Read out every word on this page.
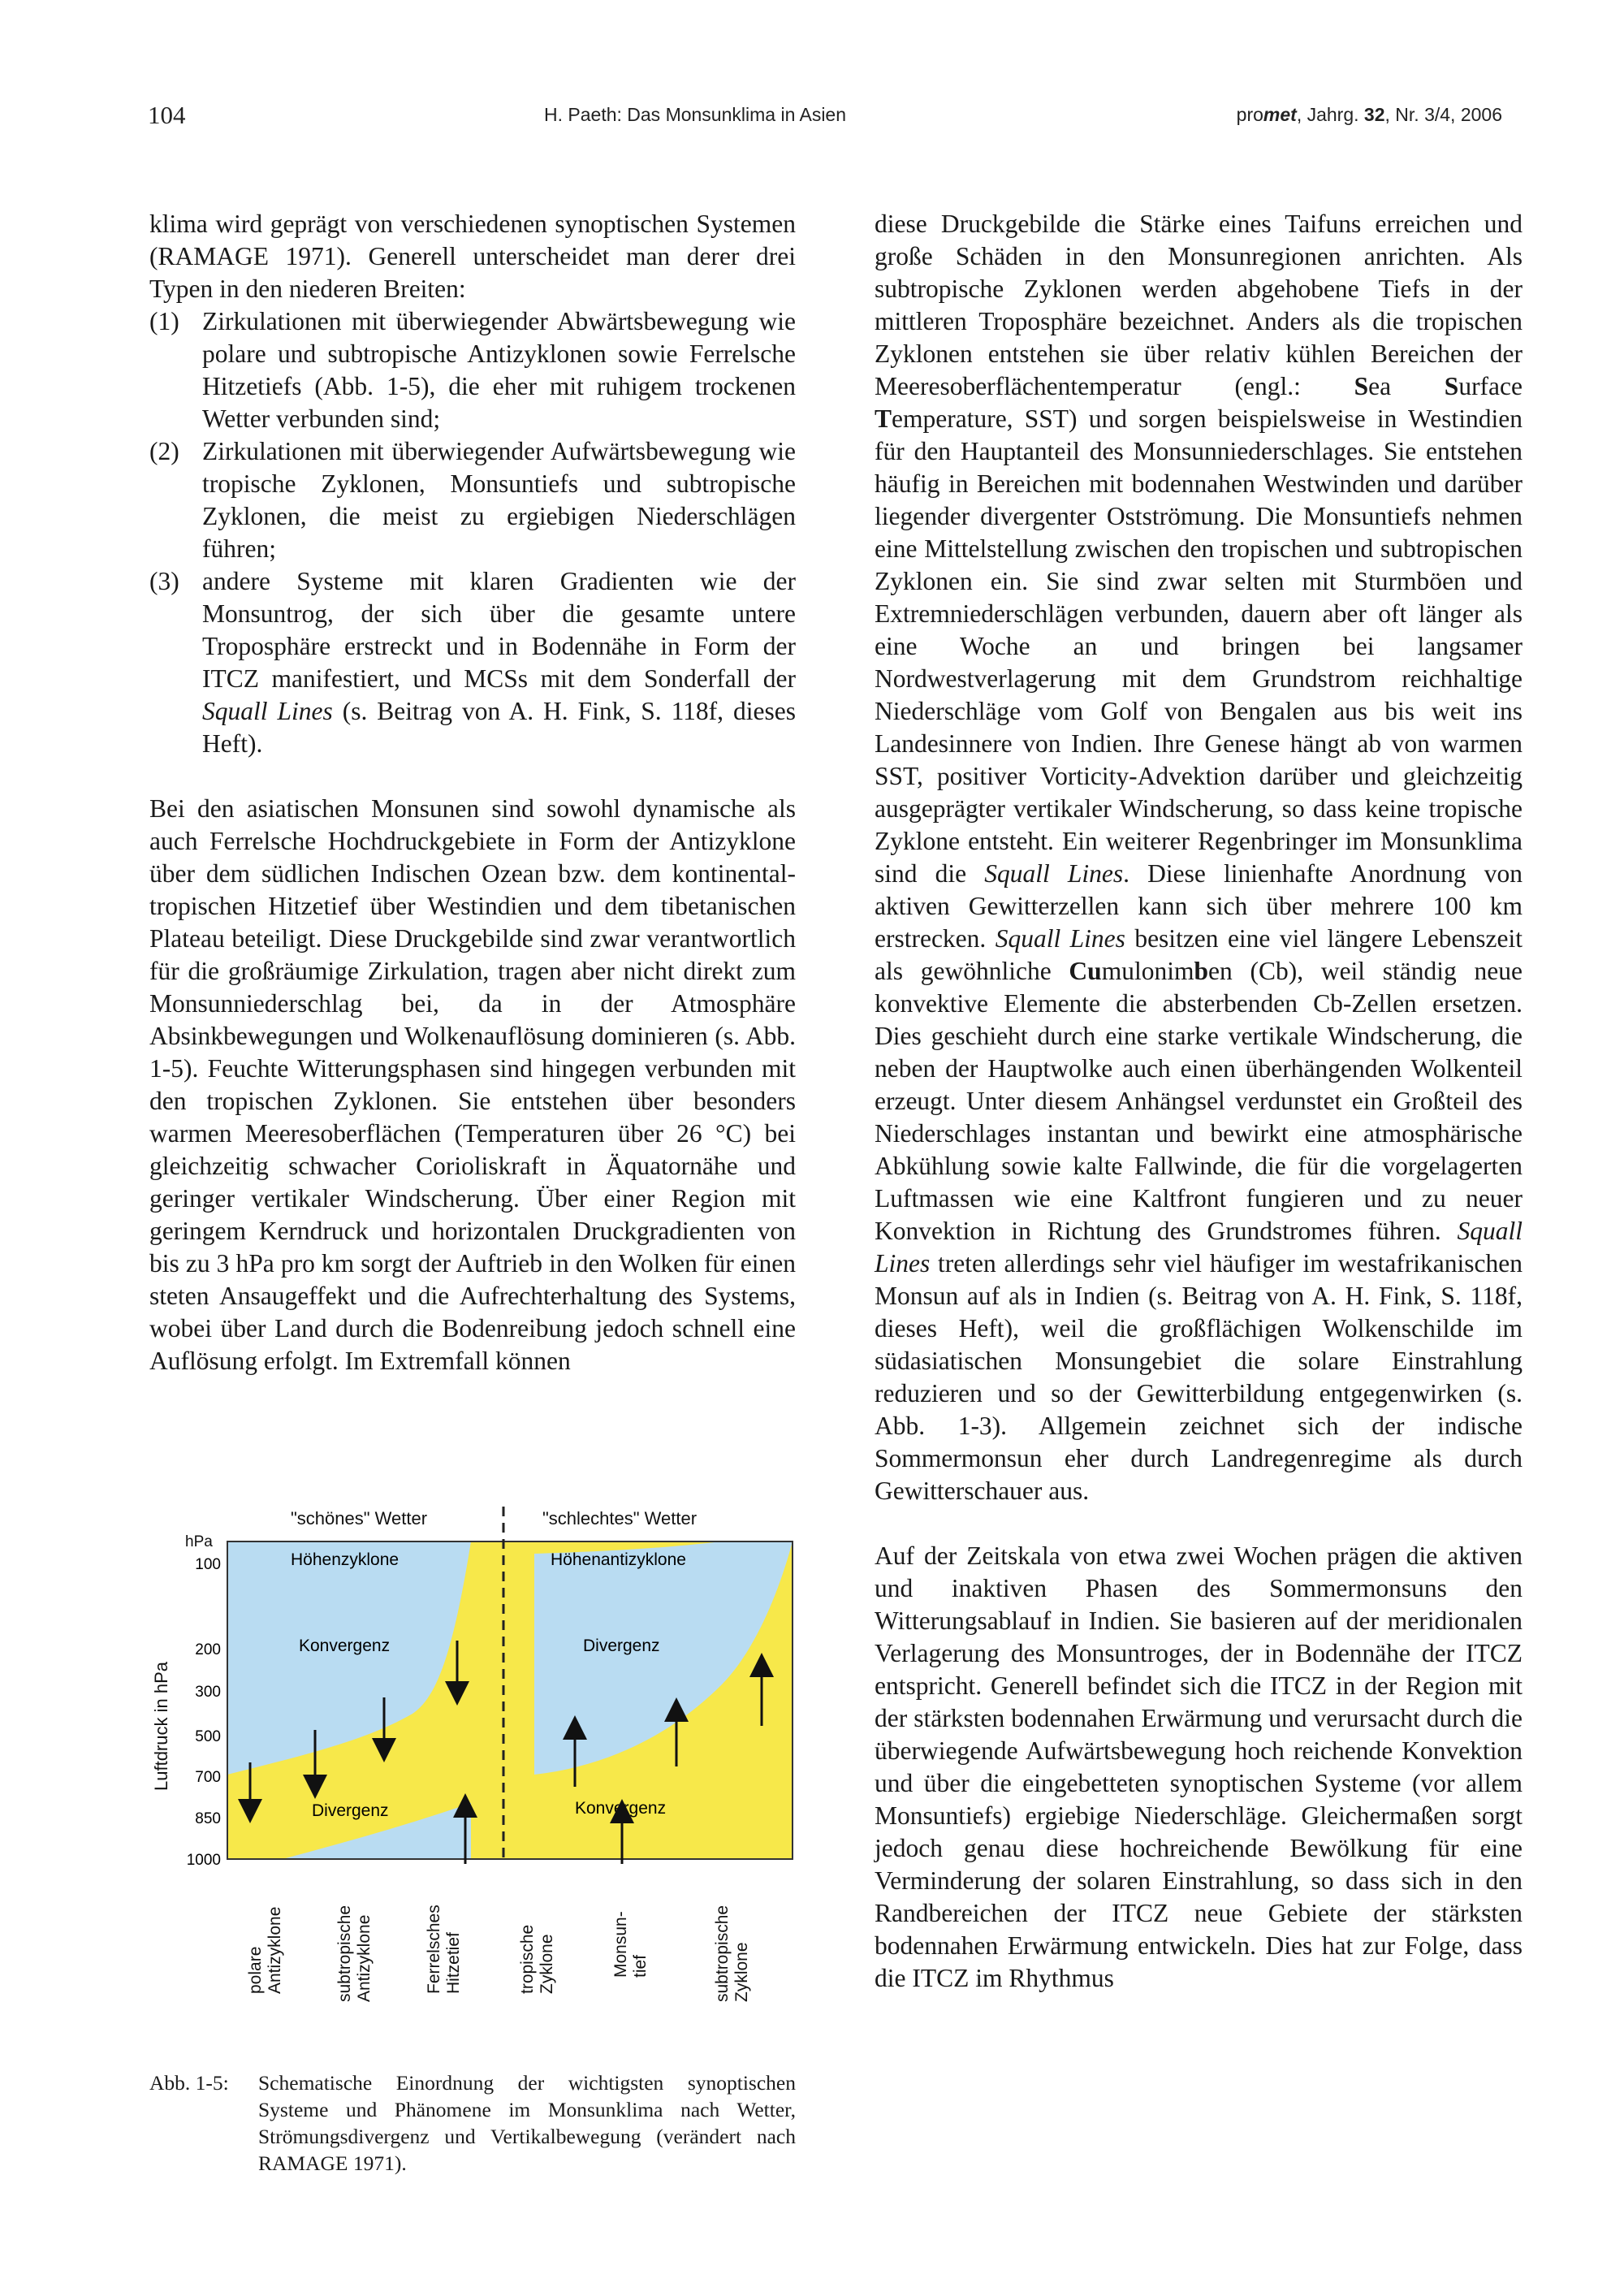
104	H. Paeth: Das Monsunklima in Asien	promet, Jahrg. 32, Nr. 3/4, 2006

klima wird geprägt von verschiedenen synoptischen Systemen (RAMAGE 1971). Generell unterscheidet man derer drei Typen in den niederen Breiten:

(1) Zirkulationen mit überwiegender Abwärtsbewegung wie polare und subtropische Antizyklonen sowie Ferrelsche Hitzetiefs (Abb. 1-5), die eher mit ruhigem trockenen Wetter verbunden sind;
(2) Zirkulationen mit überwiegender Aufwärtsbewegung wie tropische Zyklonen, Monsuntiefs und subtropische Zyklonen, die meist zu ergiebigen Niederschlägen führen;
(3) andere Systeme mit klaren Gradienten wie der Monsuntrog, der sich über die gesamte untere Troposphäre erstreckt und in Bodennähe in Form der ITCZ manifestiert, und MCSs mit dem Sonderfall der Squall Lines (s. Beitrag von A. H. Fink, S. 118f, dieses Heft).

Bei den asiatischen Monsunen sind sowohl dynamische als auch Ferrelsche Hochdruckgebiete in Form der Antizyklone über dem südlichen Indischen Ozean bzw. dem kontinental-tropischen Hitzetief über Westindien und dem tibetanischen Plateau beteiligt. Diese Druckgebilde sind zwar verantwortlich für die großräumige Zirkulation, tragen aber nicht direkt zum Monsunniederschlag bei, da in der Atmosphäre Absinkbewegungen und Wolkenauflösung dominieren (s. Abb. 1-5). Feuchte Witterungsphasen sind hingegen verbunden mit den tropischen Zyklonen. Sie entstehen über besonders warmen Meeresoberflächen (Temperaturen über 26 °C) bei gleichzeitig schwacher Corioliskraft in Äquatornähe und geringer vertikaler Windscherung. Über einer Region mit geringem Kerndruck und horizontalen Druckgradienten von bis zu 3 hPa pro km sorgt der Auftrieb in den Wolken für einen steten Ansaugeffekt und die Aufrechterhaltung des Systems, wobei über Land durch die Bodenreibung jedoch schnell eine Auflösung erfolgt. Im Extremfall können

"schönes" Wetter	"schlechtes" Wetter
hPa
Luftdruck in hPa
100
200
300
500
700
850
1000
Höhenzyklone	Höhenantizyklone
Konvergenz	Divergenz
Divergenz	Konvergenz
polare Antizyklone	subtropische Antizyklone	Ferrelsches Hitzetief	tropische Zyklone	Monsun- tief	subtropische Zyklone
Abb. 1-5: Schematische Einordnung der wichtigsten synoptischen Systeme und Phänomene im Monsunklima nach Wetter, Strömungsdivergenz und Vertikalbewegung (verändert nach RAMAGE 1971).

diese Druckgebilde die Stärke eines Taifuns erreichen und große Schäden in den Monsunregionen anrichten. Als subtropische Zyklonen werden abgehobene Tiefs in der mittleren Troposphäre bezeichnet. Anders als die tropischen Zyklonen entstehen sie über relativ kühlen Bereichen der Meeresoberflächentemperatur (engl.: Sea Surface Temperature, SST) und sorgen beispielsweise in Westindien für den Hauptanteil des Monsunniederschlages. Sie entstehen häufig in Bereichen mit bodennahen Westwinden und darüber liegender divergenter Ostströmung. Die Monsuntiefs nehmen eine Mittelstellung zwischen den tropischen und subtropischen Zyklonen ein. Sie sind zwar selten mit Sturmböen und Extremniederschlägen verbunden, dauern aber oft länger als eine Woche an und bringen bei langsamer Nordwestverlagerung mit dem Grundstrom reichhaltige Niederschläge vom Golf von Bengalen aus bis weit ins Landesinnere von Indien. Ihre Genese hängt ab von warmen SST, positiver Vorticity-Advektion darüber und gleichzeitig ausgeprägter vertikaler Windscherung, so dass keine tropische Zyklone entsteht. Ein weiterer Regenbringer im Monsunklima sind die Squall Lines. Diese linienhafte Anordnung von aktiven Gewitterzellen kann sich über mehrere 100 km erstrecken. Squall Lines besitzen eine viel längere Lebenszeit als gewöhnliche Cumulonimben (Cb), weil ständig neue konvektive Elemente die absterbenden Cb-Zellen ersetzen. Dies geschieht durch eine starke vertikale Windscherung, die neben der Hauptwolke auch einen überhängenden Wolkenteil erzeugt. Unter diesem Anhängsel verdunstet ein Großteil des Niederschlages instantan und bewirkt eine atmosphärische Abkühlung sowie kalte Fallwinde, die für die vorgelagerten Luftmassen wie eine Kaltfront fungieren und zu neuer Konvektion in Richtung des Grundstromes führen. Squall Lines treten allerdings sehr viel häufiger im westafrikanischen Monsun auf als in Indien (s. Beitrag von A. H. Fink, S. 118f, dieses Heft), weil die großflächigen Wolkenschilde im südasiatischen Monsungebiet die solare Einstrahlung reduzieren und so der Gewitterbildung entgegenwirken (s. Abb. 1-3). Allgemein zeichnet sich der indische Sommermonsun eher durch Landregenregime als durch Gewitterschauer aus.

Auf der Zeitskala von etwa zwei Wochen prägen die aktiven und inaktiven Phasen des Sommermonsuns den Witterungsablauf in Indien. Sie basieren auf der meridionalen Verlagerung des Monsuntroges, der in Bodennähe der ITCZ entspricht. Generell befindet sich die ITCZ in der Region mit der stärksten bodennahen Erwärmung und verursacht durch die überwiegende Aufwärtsbewegung hoch reichende Konvektion und über die eingebetteten synoptischen Systeme (vor allem Monsuntiefs) ergiebige Niederschläge. Gleichermaßen sorgt jedoch genau diese hochreichende Bewölkung für eine Verminderung der solaren Einstrahlung, so dass sich in den Randbereichen der ITCZ neue Gebiete der stärksten bodennahen Erwärmung entwickeln. Dies hat zur Folge, dass die ITCZ im Rhythmus
